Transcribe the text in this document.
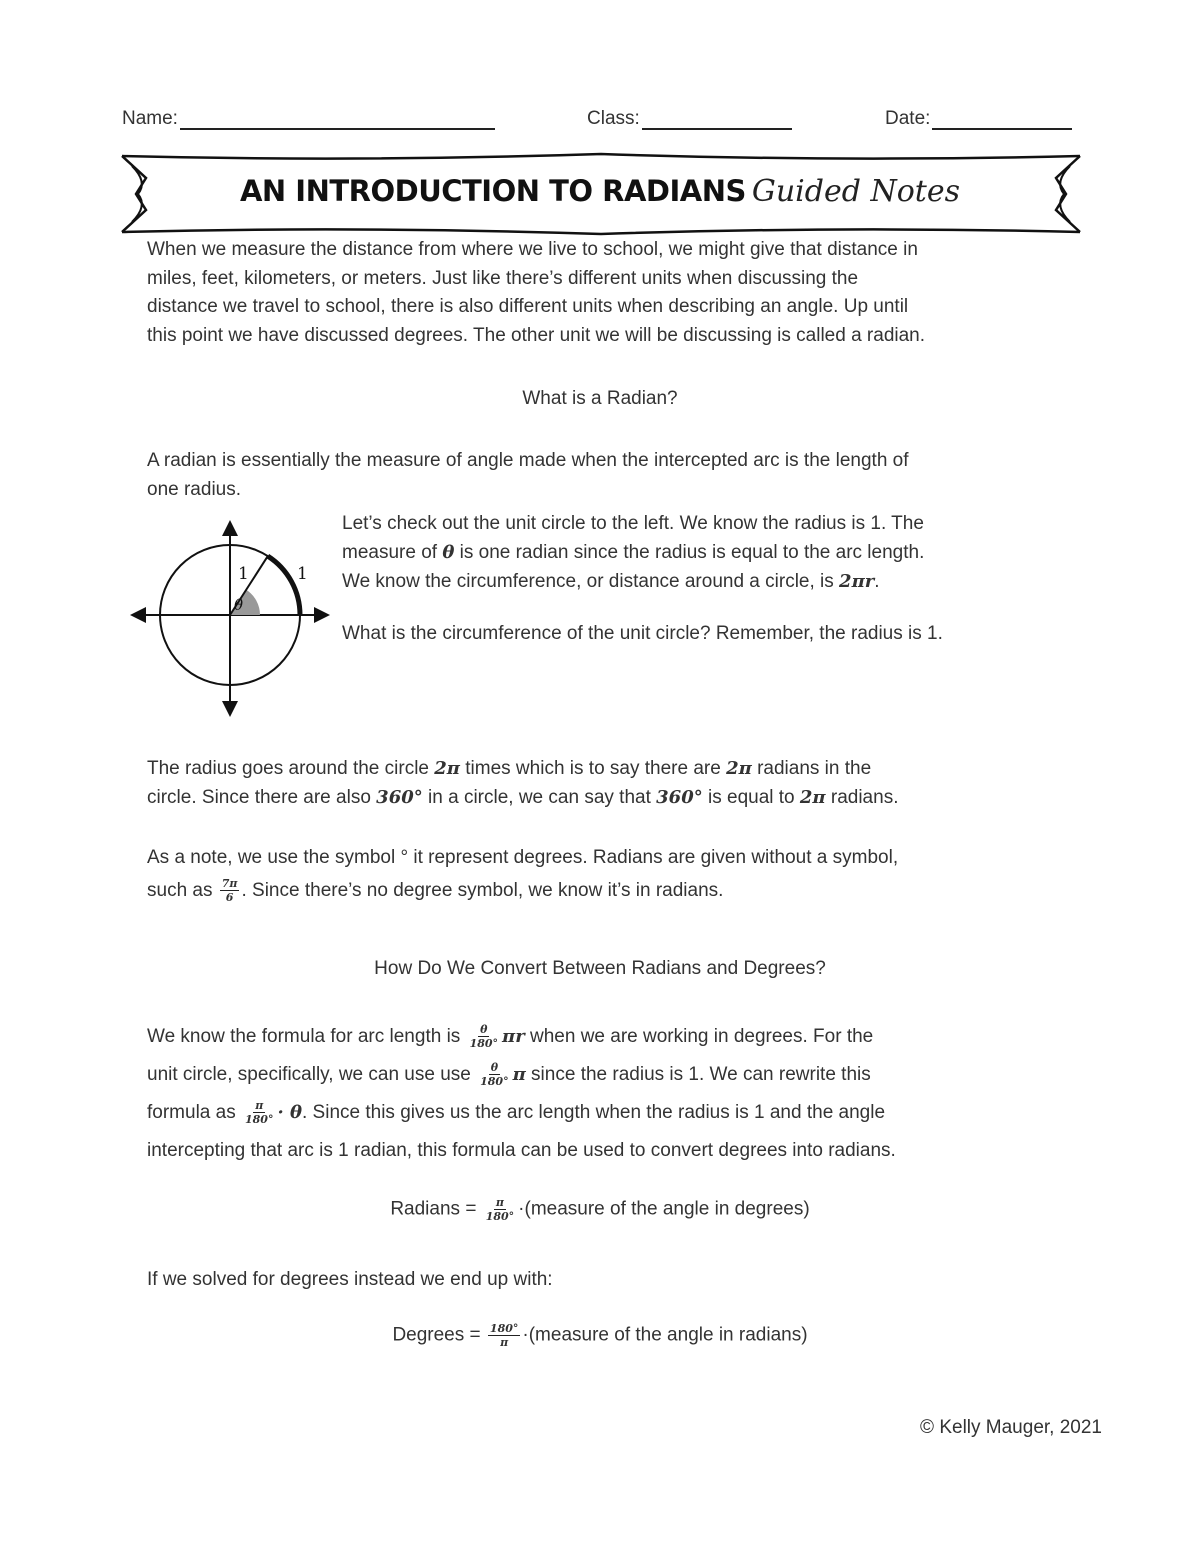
Name:	Class:	Date:
AN INTRODUCTION TO RADIANS Guided Notes
When we measure the distance from where we live to school, we might give that distance in
miles, feet, kilometers, or meters. Just like there’s different units when discussing the
distance we travel to school, there is also different units when describing an angle. Up until
this point we have discussed degrees. The other unit we will be discussing is called a radian.
What is a Radian?
A radian is essentially the measure of angle made when the intercepted arc is the length of
one radius.
1	1
θ
Let’s check out the unit circle to the left. We know the radius is 1. The
measure of θ is one radian since the radius is equal to the arc length.
We know the circumference, or distance around a circle, is 2πr.
What is the circumference of the unit circle? Remember, the radius is 1.
The radius goes around the circle 2π times which is to say there are 2π radians in the
circle. Since there are also 360° in a circle, we can say that 360° is equal to 2π radians.
As a note, we use the symbol ° it represent degrees. Radians are given without a symbol,
such as $\frac{7\pi}{6}$ . Since there’s no degree symbol, we know it’s in radians.
How Do We Convert Between Radians and Degrees?
We know the formula for arc length is $\frac{\theta}{180^\circ}$ πr when we are working in degrees. For the
unit circle, specifically, we can use use $\frac{\theta}{180^\circ}$ π since the radius is 1. We can rewrite this
formula as $\frac{\pi}{180^\circ} \cdot \theta$. Since this gives us the arc length when the radius is 1 and the angle
intercepting that arc is 1 radian, this formula can be used to convert degrees into radians.
Radians = $\frac{\pi}{180^\circ}$ ·(measure of the angle in degrees)
If we solved for degrees instead we end up with:
Degrees = $\frac{180^\circ}{\pi}$ ·(measure of the angle in radians)
© Kelly Mauger, 2021
